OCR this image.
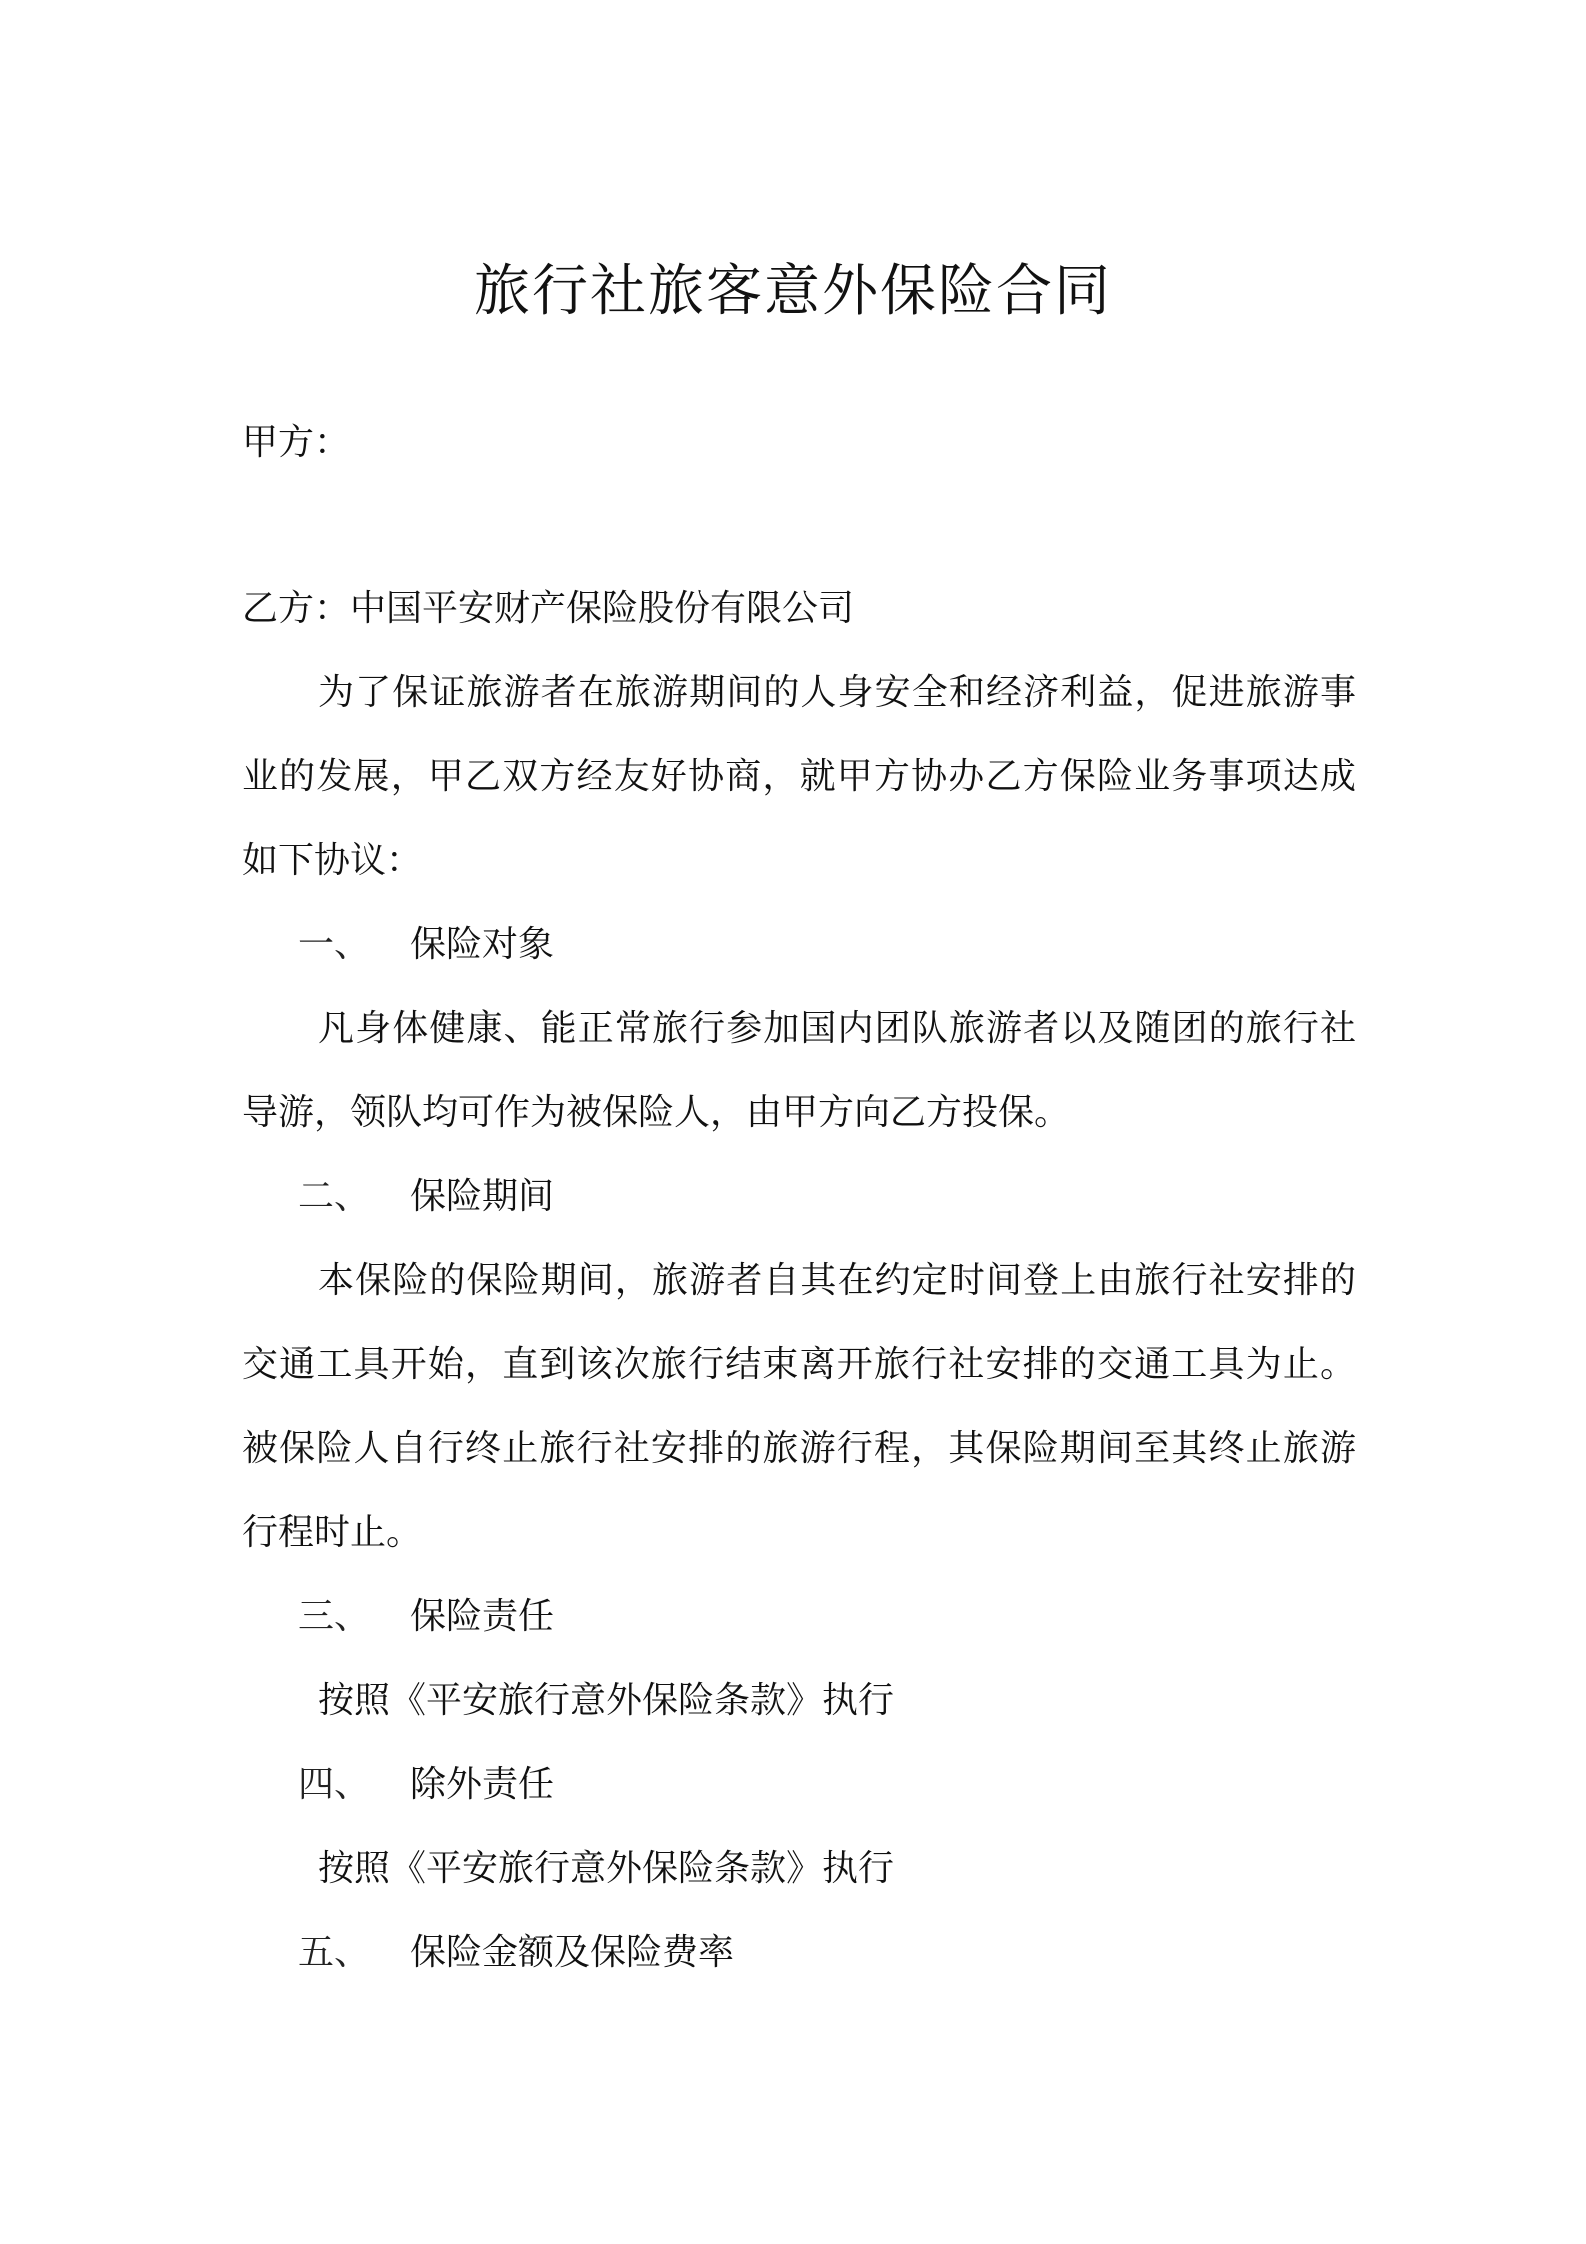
旅行社旅客意外保险合同
甲方：
乙方：中国平安财产保险股份有限公司
为了保证旅游者在旅游期间的人身安全和经济利益，促进旅游事
业的发展，甲乙双方经友好协商，就甲方协办乙方保险业务事项达成
如下协议：
一、 保险对象
凡身体健康、能正常旅行参加国内团队旅游者以及随团的旅行社
导游，领队均可作为被保险人，由甲方向乙方投保。
二、 保险期间
本保险的保险期间，旅游者自其在约定时间登上由旅行社安排的
交通工具开始，直到该次旅行结束离开旅行社安排的交通工具为止。
被保险人自行终止旅行社安排的旅游行程，其保险期间至其终止旅游
行程时止。
三、 保险责任
按照《平安旅行意外保险条款》执行
四、 除外责任
按照《平安旅行意外保险条款》执行
五、 保险金额及保险费率
